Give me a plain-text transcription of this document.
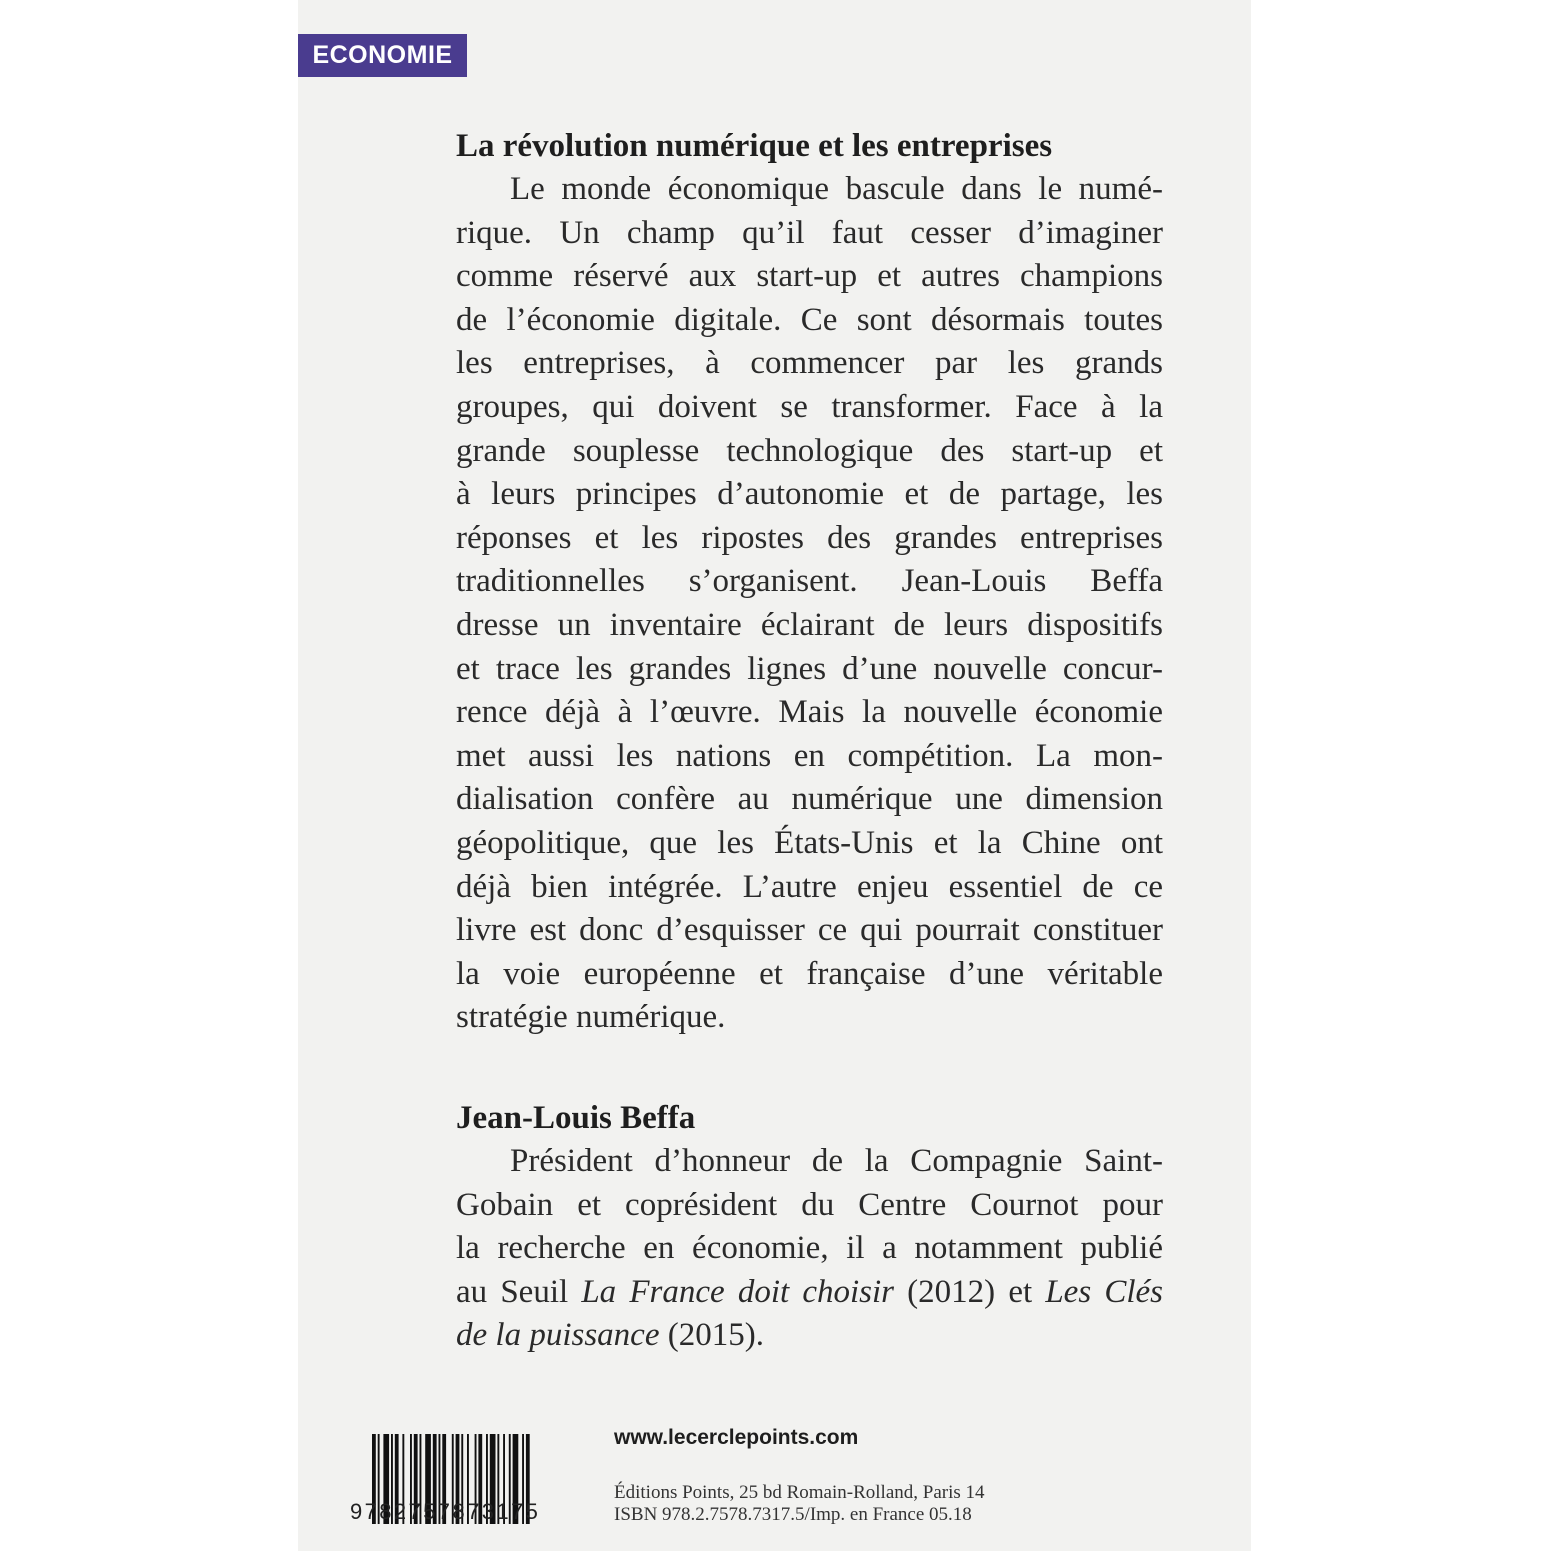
ECONOMIE
La révolution numérique et les entreprises
Le monde économique bascule dans le numé-
rique. Un champ qu’il faut cesser d’imaginer
comme réservé aux start-up et autres champions
de l’économie digitale. Ce sont désormais toutes
les entreprises, à commencer par les grands
groupes, qui doivent se transformer. Face à la
grande souplesse technologique des start-up et
à leurs principes d’autonomie et de partage, les
réponses et les ripostes des grandes entreprises
traditionnelles s’organisent. Jean-Louis Beffa
dresse un inventaire éclairant de leurs dispositifs
et trace les grandes lignes d’une nouvelle concur-
rence déjà à l’œuvre. Mais la nouvelle économie
met aussi les nations en compétition. La mon-
dialisation confère au numérique une dimension
géopolitique, que les États-Unis et la Chine ont
déjà bien intégrée. L’autre enjeu essentiel de ce
livre est donc d’esquisser ce qui pourrait constituer
la voie européenne et française d’une véritable
stratégie numérique.
Jean-Louis Beffa
Président d’honneur de la Compagnie Saint-
Gobain et coprésident du Centre Cournot pour
la recherche en économie, il a notamment publié
au Seuil La France doit choisir (2012) et Les Clés
de la puissance (2015).
9782757873175
www.lecerclepoints.com
Éditions Points, 25 bd Romain-Rolland, Paris 14
ISBN 978.2.7578.7317.5/Imp. en France 05.18
